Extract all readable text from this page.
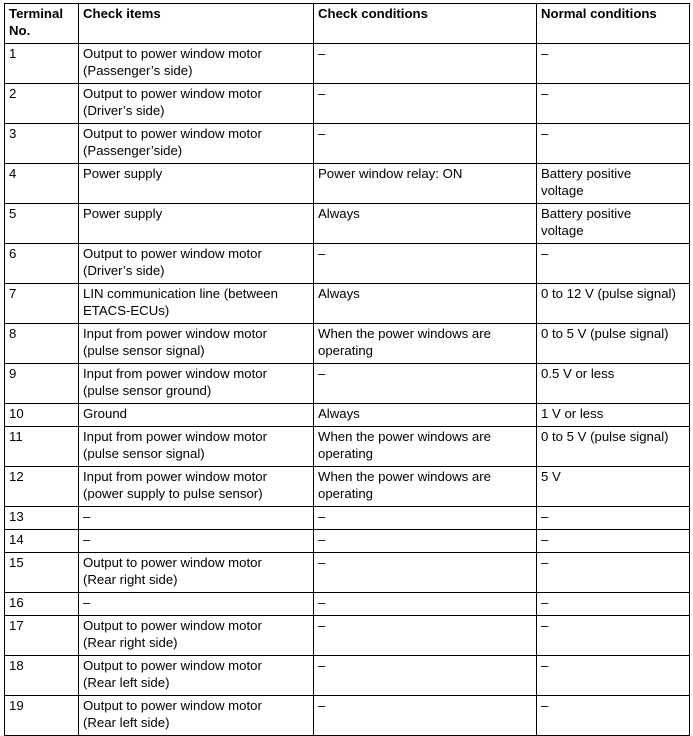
Terminal
No.	Check items	Check conditions	Normal conditions
1	Output to power window motor
(Passenger’s side)	–	–
2	Output to power window motor
(Driver’s side)	–	–
3	Output to power window motor
(Passenger’side)	–	–
4	Power supply	Power window relay: ON	Battery positive
voltage
5	Power supply	Always	Battery positive
voltage
6	Output to power window motor
(Driver’s side)	–	–
7	LIN communication line (between
ETACS-ECUs)	Always	0 to 12 V (pulse signal)
8	Input from power window motor
(pulse sensor signal)	When the power windows are
operating	0 to 5 V (pulse signal)
9	Input from power window motor
(pulse sensor ground)	–	0.5 V or less
10	Ground	Always	1 V or less
11	Input from power window motor
(pulse sensor signal)	When the power windows are
operating	0 to 5 V (pulse signal)
12	Input from power window motor
(power supply to pulse sensor)	When the power windows are
operating	5 V
13	–	–	–
14	–	–	–
15	Output to power window motor
(Rear right side)	–	–
16	–	–	–
17	Output to power window motor
(Rear right side)	–	–
18	Output to power window motor
(Rear left side)	–	–
19	Output to power window motor
(Rear left side)	–	–
